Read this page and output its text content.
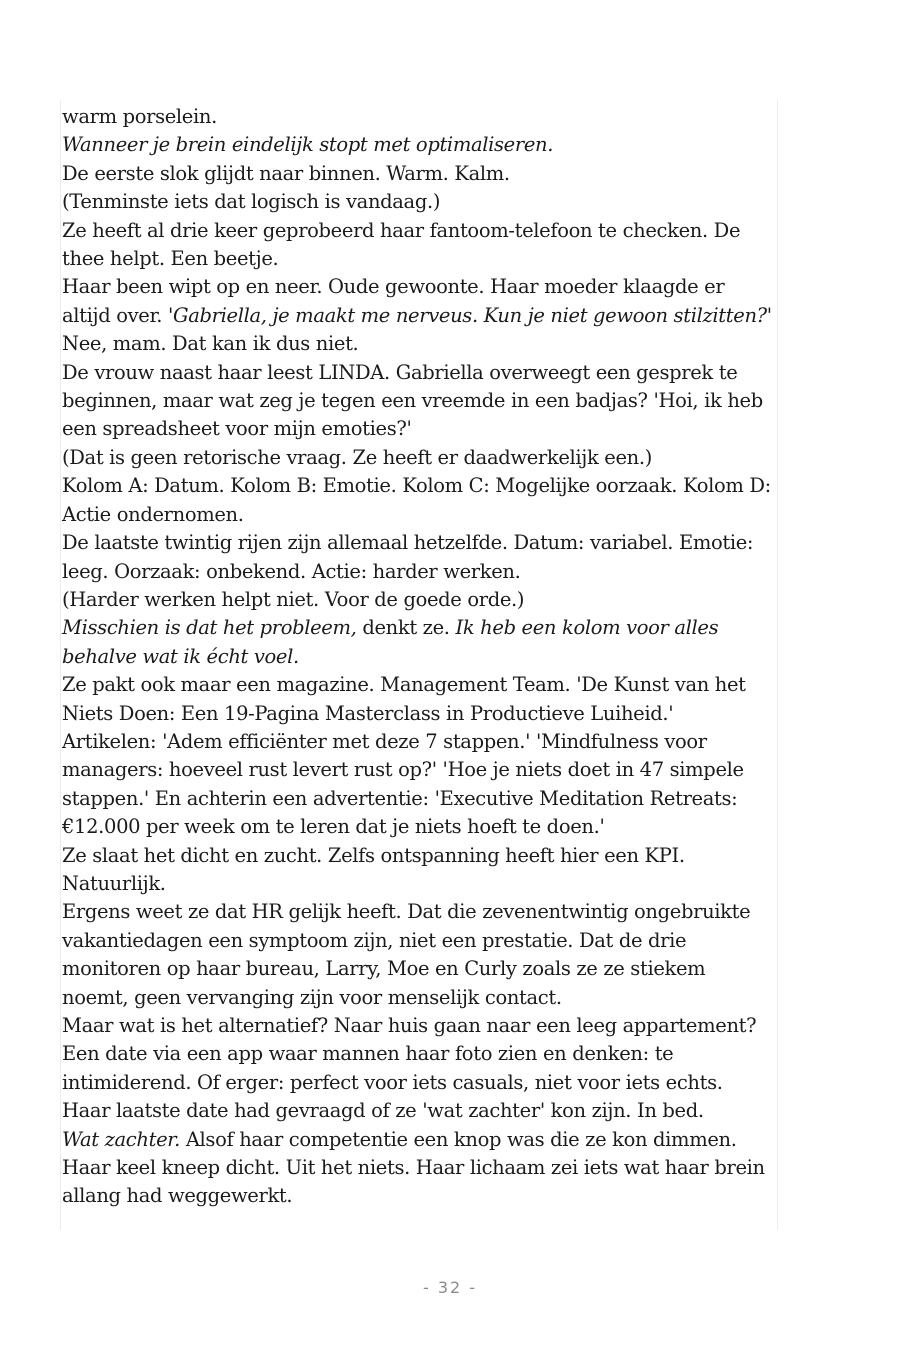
warm porselein.

Wanneer je brein eindelijk stopt met optimaliseren.

De eerste slok glijdt naar binnen. Warm. Kalm.

(Tenminste iets dat logisch is vandaag.)

Ze heeft al drie keer geprobeerd haar fantoom-telefoon te checken. De thee helpt. Een beetje.

Haar been wipt op en neer. Oude gewoonte. Haar moeder klaagde er altijd over. 'Gabriella, je maakt me nerveus. Kun je niet gewoon stilzitten?'

Nee, mam. Dat kan ik dus niet.

De vrouw naast haar leest LINDA. Gabriella overweegt een gesprek te beginnen, maar wat zeg je tegen een vreemde in een badjas? 'Hoi, ik heb een spreadsheet voor mijn emoties?'

(Dat is geen retorische vraag. Ze heeft er daadwerkelijk een.)

Kolom A: Datum. Kolom B: Emotie. Kolom C: Mogelijke oorzaak. Kolom D: Actie ondernomen.

De laatste twintig rijen zijn allemaal hetzelfde. Datum: variabel. Emotie: leeg. Oorzaak: onbekend. Actie: harder werken.

(Harder werken helpt niet. Voor de goede orde.)

Misschien is dat het probleem, denkt ze. Ik heb een kolom voor alles behalve wat ik écht voel.

Ze pakt ook maar een magazine. Management Team. 'De Kunst van het Niets Doen: Een 19-Pagina Masterclass in Productieve Luiheid.'

Artikelen: 'Adem efficiënter met deze 7 stappen.' 'Mindfulness voor managers: hoeveel rust levert rust op?' 'Hoe je niets doet in 47 simpele stappen.' En achterin een advertentie: 'Executive Meditation Retreats: €12.000 per week om te leren dat je niets hoeft te doen.'

Ze slaat het dicht en zucht. Zelfs ontspanning heeft hier een KPI. Natuurlijk.

Ergens weet ze dat HR gelijk heeft. Dat die zevenentwintig ongebruikte vakantiedagen een symptoom zijn, niet een prestatie. Dat de drie monitoren op haar bureau, Larry, Moe en Curly zoals ze ze stiekem noemt, geen vervanging zijn voor menselijk contact.

Maar wat is het alternatief? Naar huis gaan naar een leeg appartement? Een date via een app waar mannen haar foto zien en denken: te intimiderend. Of erger: perfect voor iets casuals, niet voor iets echts.

Haar laatste date had gevraagd of ze 'wat zachter' kon zijn. In bed.

Wat zachter. Alsof haar competentie een knop was die ze kon dimmen.

Haar keel kneep dicht. Uit het niets. Haar lichaam zei iets wat haar brein allang had weggewerkt.

- 32 -
